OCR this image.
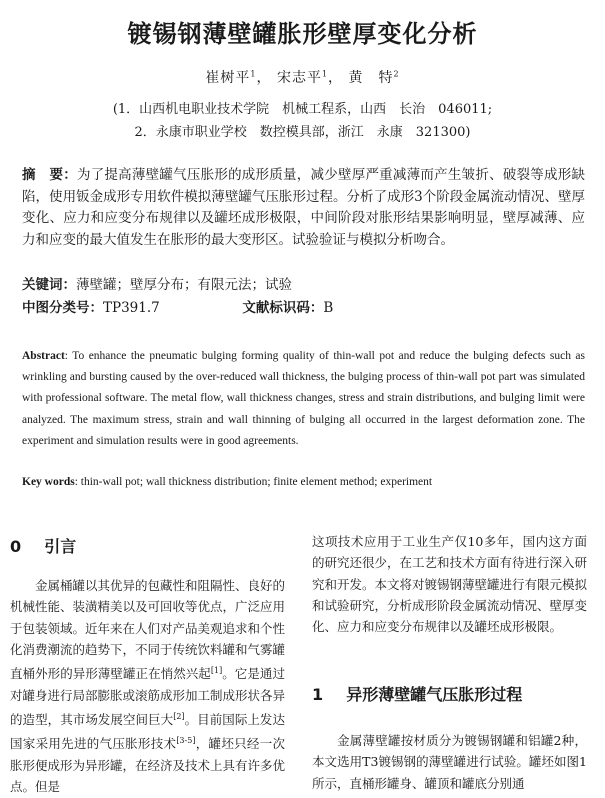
镀锡钢薄壁罐胀形壁厚变化分析
崔树平$^1$， 宋志平$^1$， 黄　特$^2$
(1．山西机电职业技术学院　机械工程系，山西　长治　046011;
2．永康市职业学校　数控模具部，浙江　永康　321300)
摘　要：为了提高薄壁罐气压胀形的成形质量，减少壁厚严重减薄而产生皱折、破裂等成形缺陷，使用钣金成形专用软件模拟薄壁罐气压胀形过程。分析了成形3个阶段金属流动情况、壁厚变化、应力和应变分布规律以及罐坯成形极限，中间阶段对胀形结果影响明显，壁厚减薄、应力和应变的最大值发生在胀形的最大变形区。试验验证与模拟分析吻合。
关键词：薄壁罐；壁厚分布；有限元法；试验
中图分类号：TP391.7	文献标识码：B
Abstract: To enhance the pneumatic bulging forming quality of thin-wall pot and reduce the bulging defects such as wrinkling and bursting caused by the over-reduced wall thickness, the bulging process of thin-wall pot part was simulated with professional software. The metal flow, wall thickness changes, stress and strain distributions, and bulging limit were analyzed. The maximum stress, strain and wall thinning of bulging all occurred in the largest deformation zone. The experiment and simulation results were in good agreements.
Key words: thin-wall pot; wall thickness distribution; finite element method; experiment
0 引言
金属桶罐以其优异的包藏性和阻隔性、良好的机械性能、装潢精美以及可回收等优点，广泛应用于包装领域。近年来在人们对产品美观追求和个性化消费潮流的趋势下，不同于传统饮料罐和气雾罐直桶外形的异形薄壁罐正在悄然兴起[1]。它是通过对罐身进行局部膨胀或滚筋成形加工制成形状各异的造型，其市场发展空间巨大[2]。目前国际上发达国家采用先进的气压胀形技术[3-5]，罐坯只经一次胀形便成形为异形罐，在经济及技术上具有许多优点。但是
这项技术应用于工业生产仅10多年，国内这方面的研究还很少，在工艺和技术方面有待进行深入研究和开发。本文将对镀锡钢薄壁罐进行有限元模拟和试验研究，分析成形阶段金属流动情况、壁厚变化、应力和应变分布规律以及罐坯成形极限。
1 异形薄壁罐气压胀形过程
金属薄壁罐按材质分为镀锡钢罐和铝罐2种，本文选用T3镀锡钢的薄壁罐进行试验。罐坯如图1所示，直桶形罐身、罐顶和罐底分别通
